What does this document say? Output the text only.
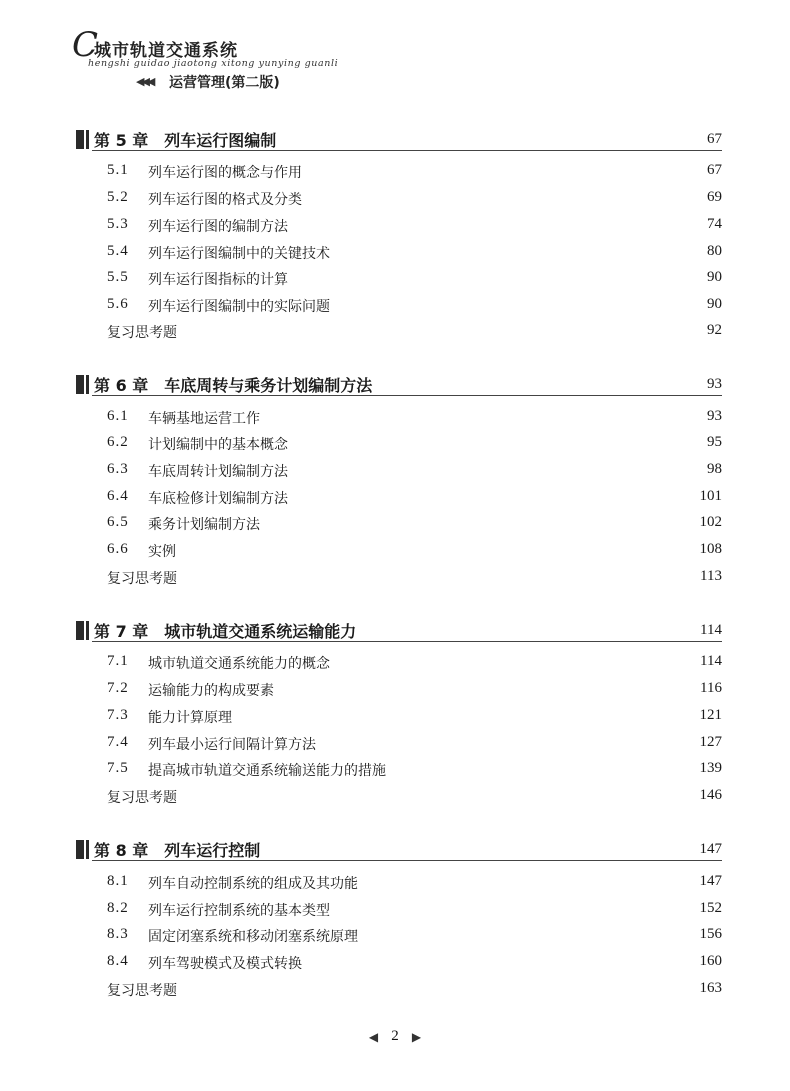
C
城市轨道交通系统
hengshi guidao jiaotong xitong yunying guanli
◀◀◀ 运营管理(第二版)
第 5 章　列车运行图编制	67
5.1 列车运行图的概念与作用	67
5.2 列车运行图的格式及分类	69
5.3 列车运行图的编制方法	74
5.4 列车运行图编制中的关键技术	80
5.5 列车运行图指标的计算	90
5.6 列车运行图编制中的实际问题	90
复习思考题	92
第 6 章　车底周转与乘务计划编制方法	93
6.1 车辆基地运营工作	93
6.2 计划编制中的基本概念	95
6.3 车底周转计划编制方法	98
6.4 车底检修计划编制方法	101
6.5 乘务计划编制方法	102
6.6 实例	108
复习思考题	113
第 7 章　城市轨道交通系统运输能力	114
7.1 城市轨道交通系统能力的概念	114
7.2 运输能力的构成要素	116
7.3 能力计算原理	121
7.4 列车最小运行间隔计算方法	127
7.5 提高城市轨道交通系统输送能力的措施	139
复习思考题	146
第 8 章　列车运行控制	147
8.1 列车自动控制系统的组成及其功能	147
8.2 列车运行控制系统的基本类型	152
8.3 固定闭塞系统和移动闭塞系统原理	156
8.4 列车驾驶模式及模式转换	160
复习思考题	163
◀ 2 ▶
